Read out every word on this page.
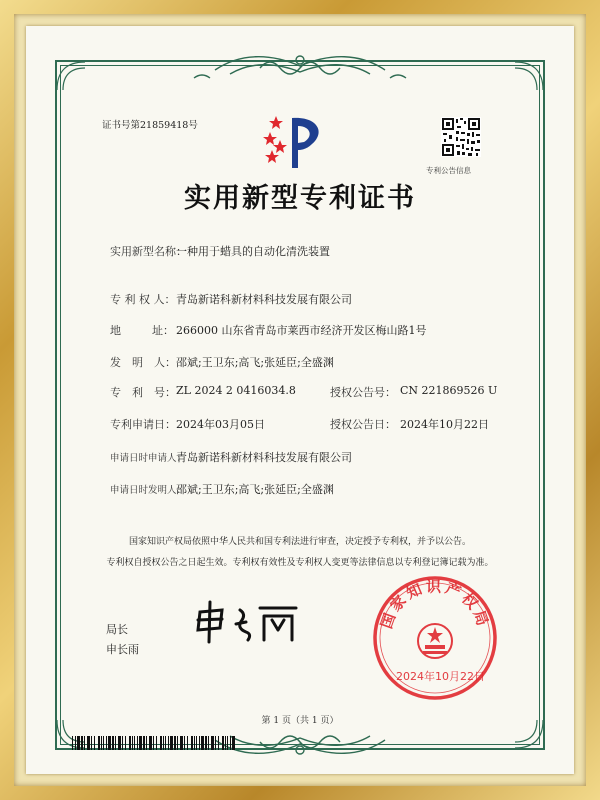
证书号第21859418号
专利公告信息
实用新型专利证书
实用新型名称：
一种用于蜡具的自动化清洗装置
专 利 权 人： 青岛新诺科新材料科技发展有限公司
地	址： 266000 山东省青岛市莱西市经济开发区梅山路1号
发　明　人： 邵斌;王卫东;高飞;张延臣;全盛渊
专　利　号： ZL 2024 2 0416034.8	授权公告号： CN 221869526 U
专利申请日： 2024年03月05日	授权公告日： 2024年10月22日
申请日时申请人：
青岛新诺科新材料科技发展有限公司
申请日时发明人：
邵斌;王卫东;高飞;张延臣;全盛渊
国家知识产权局依照中华人民共和国专利法进行审查，决定授予专利权，并予以公告。
专利权自授权公告之日起生效。专利权有效性及专利权人变更等法律信息以专利登记簿记载为准。
局长
申长雨
国家知识产权局
2024年10月22日
第 1 页（共 1 页）
